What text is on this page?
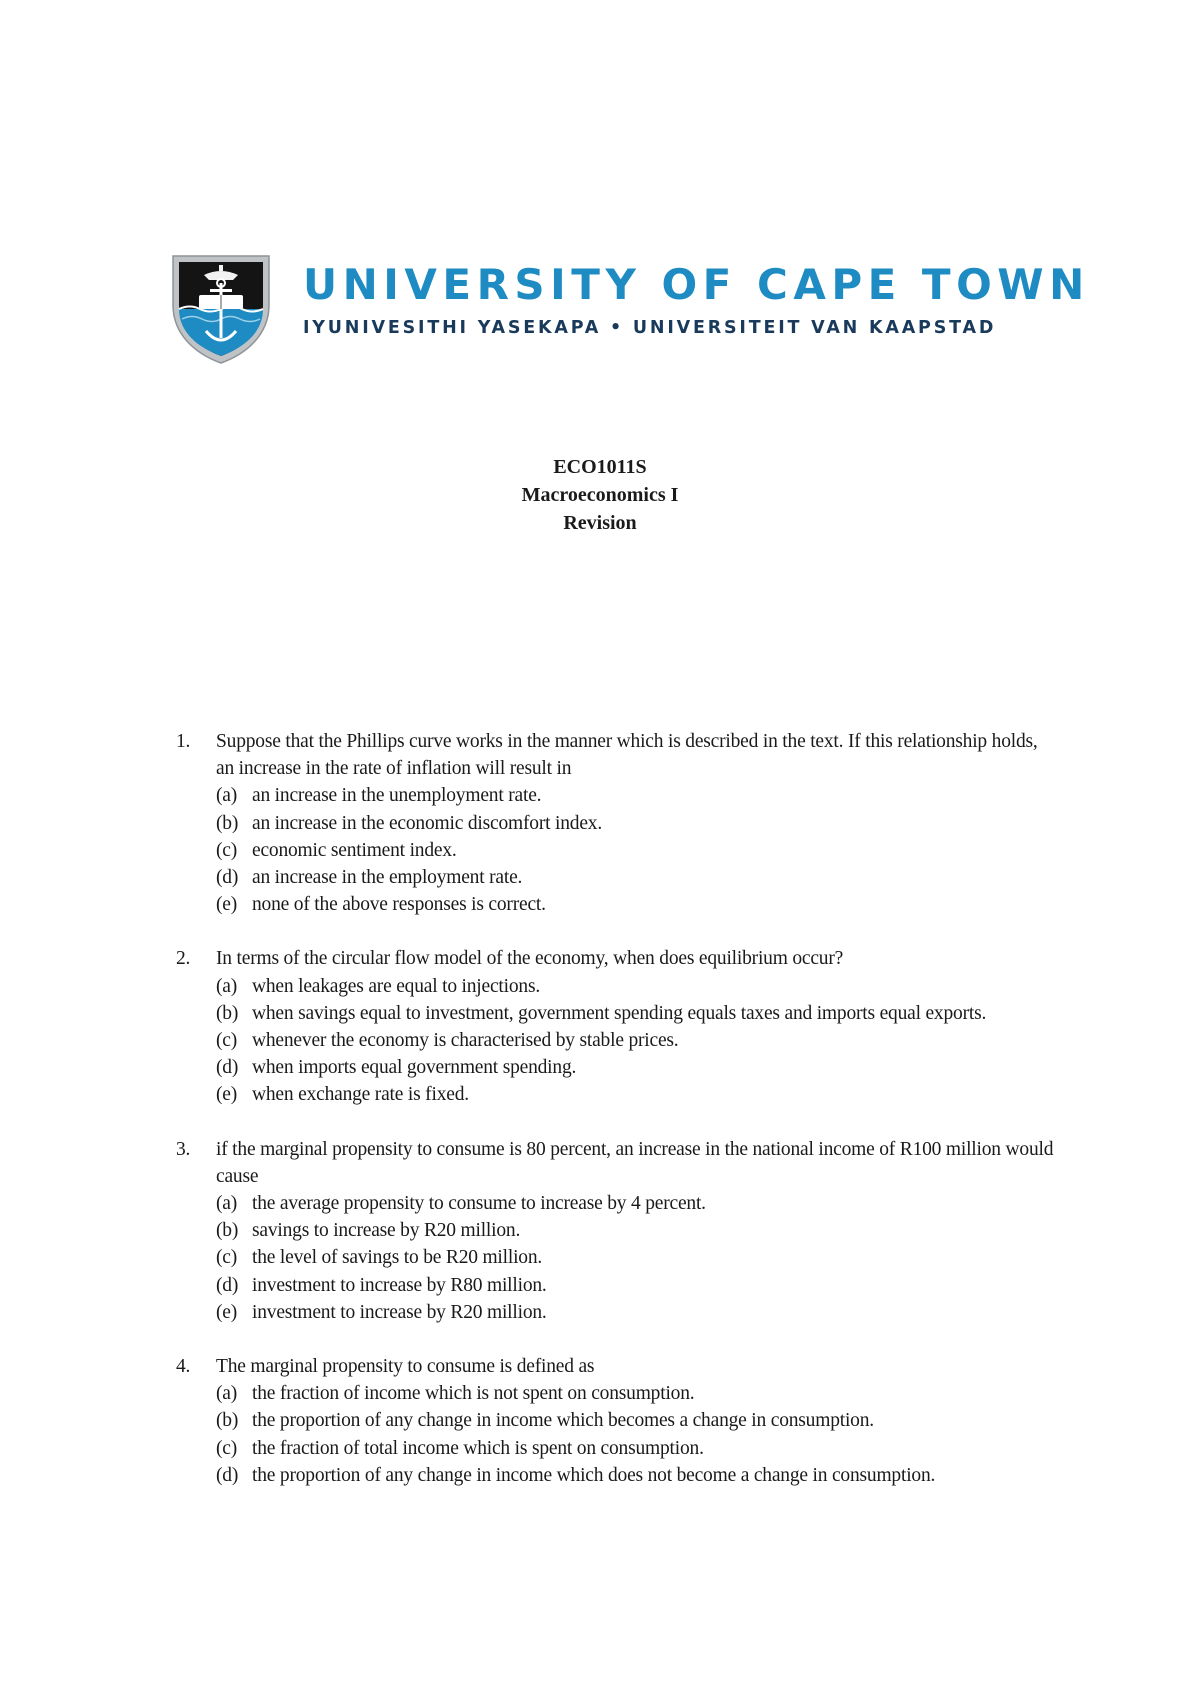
UNIVERSITY OF CAPE TOWN
IYUNIVESITHI YASEKAPA • UNIVERSITEIT VAN KAAPSTAD
ECO1011S
Macroeconomics I
Revision
1.	Suppose that the Phillips curve works in the manner which is described in the text. If this relationship holds, an increase in the rate of inflation will result in
(a) an increase in the unemployment rate.
(b) an increase in the economic discomfort index.
(c) economic sentiment index.
(d) an increase in the employment rate.
(e) none of the above responses is correct.
2.	In terms of the circular flow model of the economy, when does equilibrium occur?
(a) when leakages are equal to injections.
(b) when savings equal to investment, government spending equals taxes and imports equal exports.
(c) whenever the economy is characterised by stable prices.
(d) when imports equal government spending.
(e) when exchange rate is fixed.
3.	if the marginal propensity to consume is 80 percent, an increase in the national income of R100 million would cause
(a) the average propensity to consume to increase by 4 percent.
(b) savings to increase by R20 million.
(c) the level of savings to be R20 million.
(d) investment to increase by R80 million.
(e) investment to increase by R20 million.
4.	The marginal propensity to consume is defined as
(a) the fraction of income which is not spent on consumption.
(b) the proportion of any change in income which becomes a change in consumption.
(c) the fraction of total income which is spent on consumption.
(d) the proportion of any change in income which does not become a change in consumption.
